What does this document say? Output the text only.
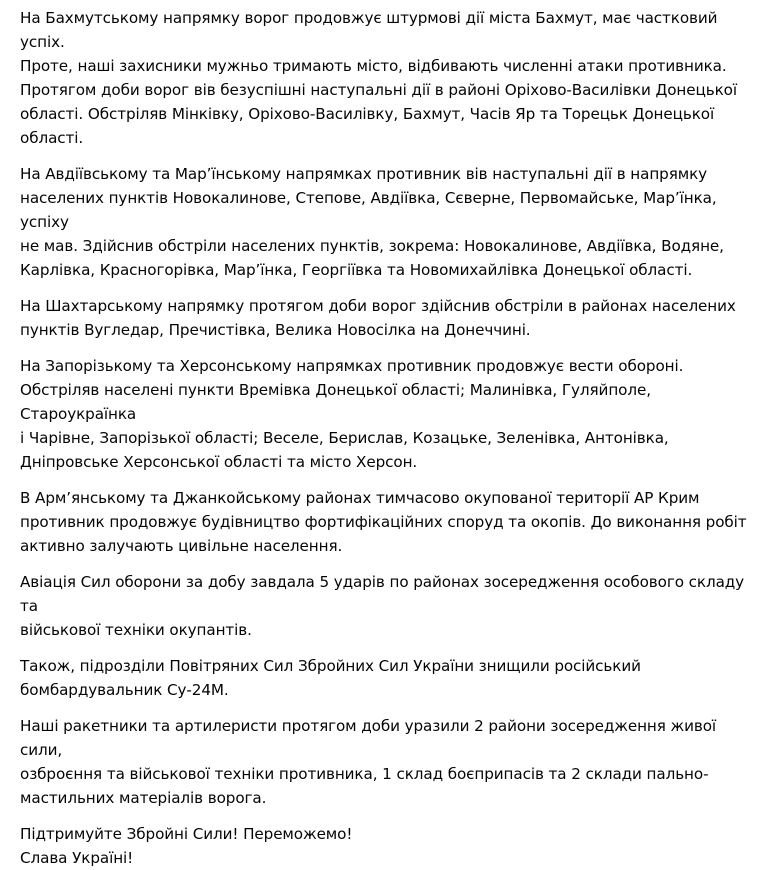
На Бахмутському напрямку ворог продовжує штурмові дії міста Бахмут, має частковий успіх.
Проте, наші захисники мужньо тримають місто, відбивають численні атаки противника.
Протягом доби ворог вів безуспішні наступальні дії в районі Оріхово-Василівки Донецької
області. Обстріляв Мінківку, Оріхово-Василівку, Бахмут, Часів Яр та Торецьк Донецької
області.

На Авдіївському та Мар’їнському напрямках противник вів наступальні дії в напрямку
населених пунктів Новокалинове, Степове, Авдіївка, Сєверне, Первомайське, Мар’їнка, успіху
не мав. Здійснив обстріли населених пунктів, зокрема: Новокалинове, Авдіївка, Водяне,
Карлівка, Красногорівка, Мар’їнка, Георгіївка та Новомихайлівка Донецької області.

На Шахтарському напрямку протягом доби ворог здійснив обстріли в районах населених
пунктів Вугледар, Пречистівка, Велика Новосілка на Донеччині.

На Запорізькому та Херсонському напрямках противник продовжує вести обороні.
Обстріляв населені пункти Времівка Донецької області; Малинівка, Гуляйполе, Староукраїнка
і Чарівне, Запорізької області; Веселе, Бериcлав, Козацьке, Зеленівка, Антонівка,
Дніпровське Херсонської області та місто Херсон.

В Арм’янському та Джанкойському районах тимчасово окупованої території АР Крим
противник продовжує будівництво фортифікаційних споруд та окопів. До виконання робіт
активно залучають цивільне населення.

Авіація Сил оборони за добу завдала 5 ударів по районах зосередження особового складу та
військової техніки окупантів.

Також, підрозділи Повітряних Сил Збройних Сил України знищили російський
бомбардувальник Су-24М.

Наші ракетники та артилеристи протягом доби уразили 2 райони зосередження живої сили,
озброєння та військової техніки противника, 1 склад боєприпасів та 2 склади пально-
мастильних матеріалів ворога.

Підтримуйте Збройні Сили! Переможемо!
Слава Україні!
